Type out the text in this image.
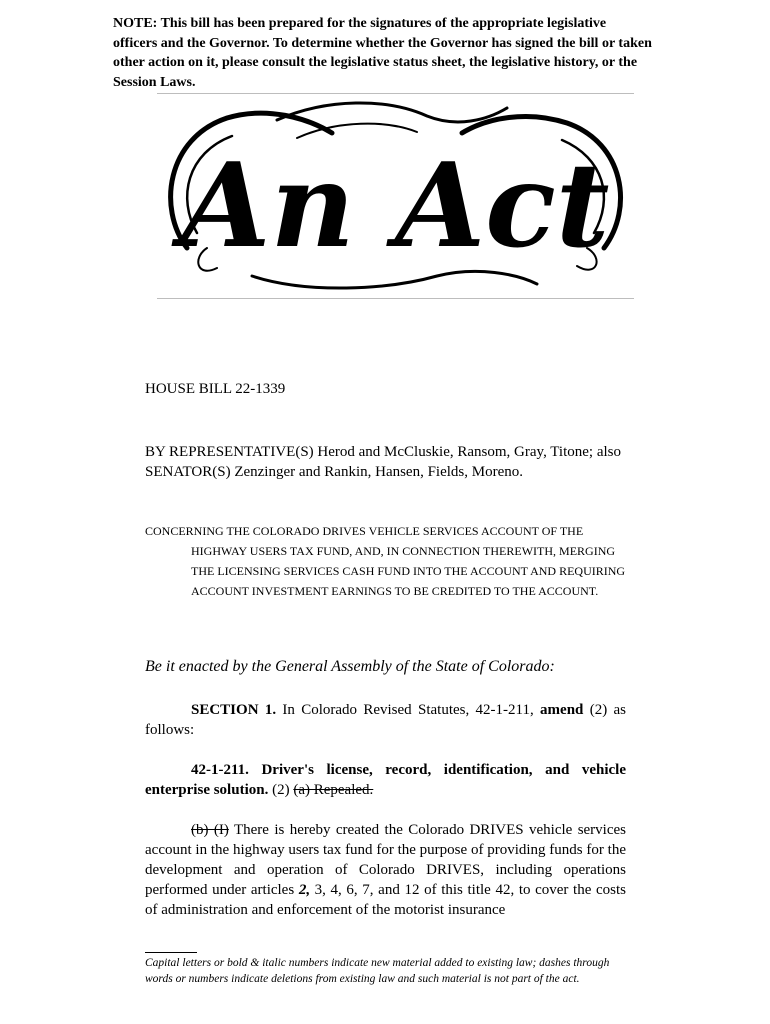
NOTE: This bill has been prepared for the signatures of the appropriate legislative officers and the Governor. To determine whether the Governor has signed the bill or taken other action on it, please consult the legislative status sheet, the legislative history, or the Session Laws.
An Act
HOUSE BILL 22-1339
BY REPRESENTATIVE(S) Herod and McCluskie, Ransom, Gray, Titone; also SENATOR(S) Zenzinger and Rankin, Hansen, Fields, Moreno.
CONCERNING THE COLORADO DRIVES VEHICLE SERVICES ACCOUNT OF THE
HIGHWAY USERS TAX FUND, AND, IN CONNECTION THEREWITH, MERGING THE LICENSING SERVICES CASH FUND INTO THE ACCOUNT AND REQUIRING ACCOUNT INVESTMENT EARNINGS TO BE CREDITED TO THE ACCOUNT.
Be it enacted by the General Assembly of the State of Colorado:
SECTION 1. In Colorado Revised Statutes, 42-1-211, amend (2) as follows:
42-1-211. Driver's license, record, identification, and vehicle enterprise solution. (2) (a) Repealed.
(b) (I) There is hereby created the Colorado DRIVES vehicle services account in the highway users tax fund for the purpose of providing funds for the development and operation of Colorado DRIVES, including operations performed under articles 2, 3, 4, 6, 7, and 12 of this title 42, to cover the costs of administration and enforcement of the motorist insurance
Capital letters or bold & italic numbers indicate new material added to existing law; dashes through words or numbers indicate deletions from existing law and such material is not part of the act.
